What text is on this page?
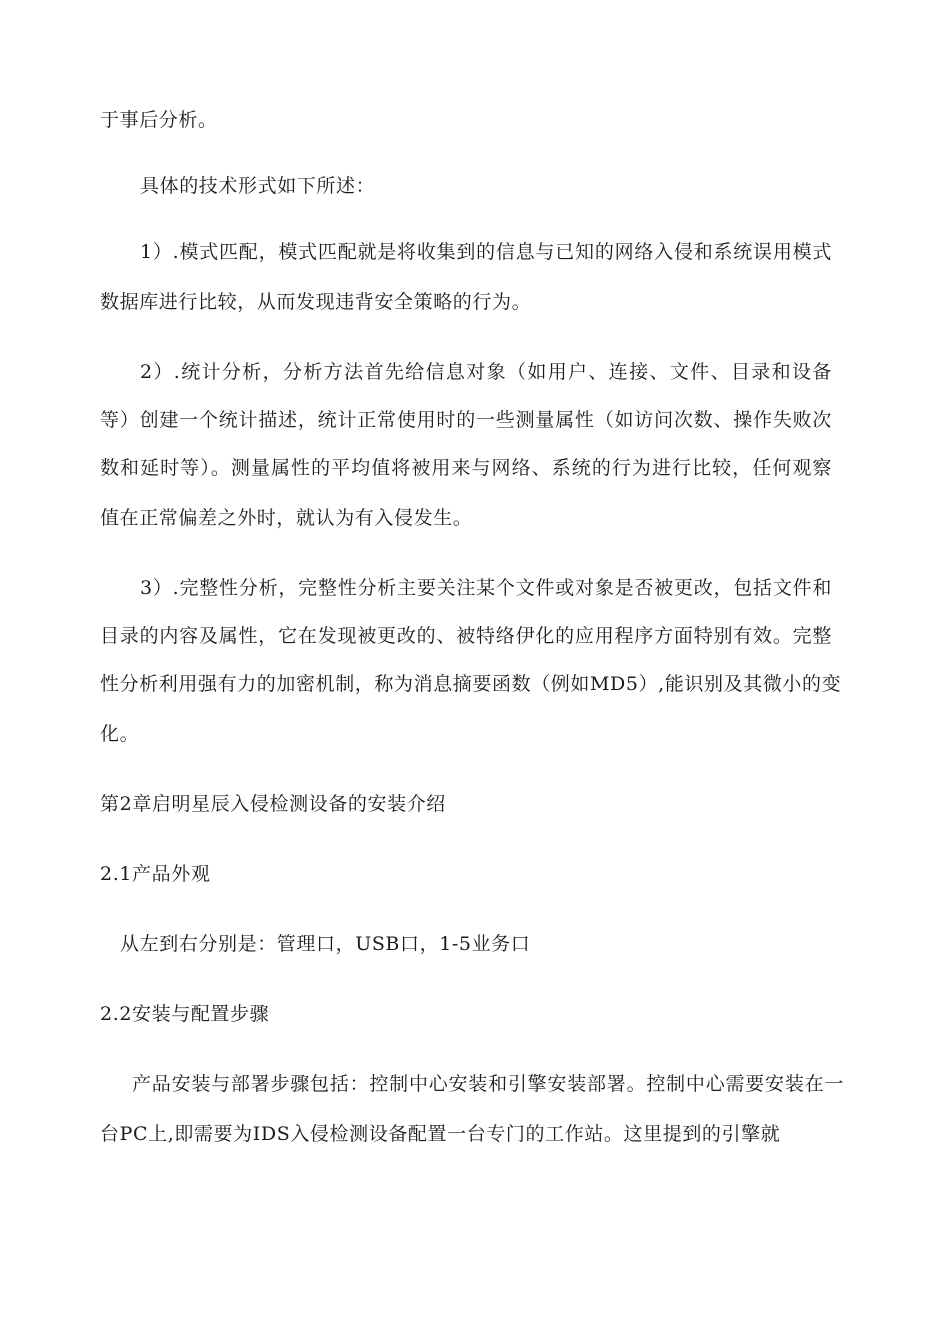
于事后分析。
具体的技术形式如下所述：
1）.模式匹配，模式匹配就是将收集到的信息与已知的网络入侵和系统误用模式
数据库进行比较，从而发现违背安全策略的行为。
2）.统计分析，分析方法首先给信息对象（如用户、连接、文件、目录和设备
等）创建一个统计描述，统计正常使用时的一些测量属性（如访问次数、操作失败次
数和延时等）。测量属性的平均值将被用来与网络、系统的行为进行比较，任何观察
值在正常偏差之外时，就认为有入侵发生。
3）.完整性分析，完整性分析主要关注某个文件或对象是否被更改，包括文件和
目录的内容及属性，它在发现被更改的、被特络伊化的应用程序方面特别有效。完整
性分析利用强有力的加密机制，称为消息摘要函数（例如MD5）,能识别及其微小的变
化。
第2章启明星辰入侵检测设备的安装介绍
2.1产品外观
从左到右分别是：管理口，USB口，1-5业务口
2.2安装与配置步骤
产品安装与部署步骤包括：控制中心安装和引擎安装部署。控制中心需要安装在一
台PC上,即需要为IDS入侵检测设备配置一台专门的工作站。这里提到的引擎就
